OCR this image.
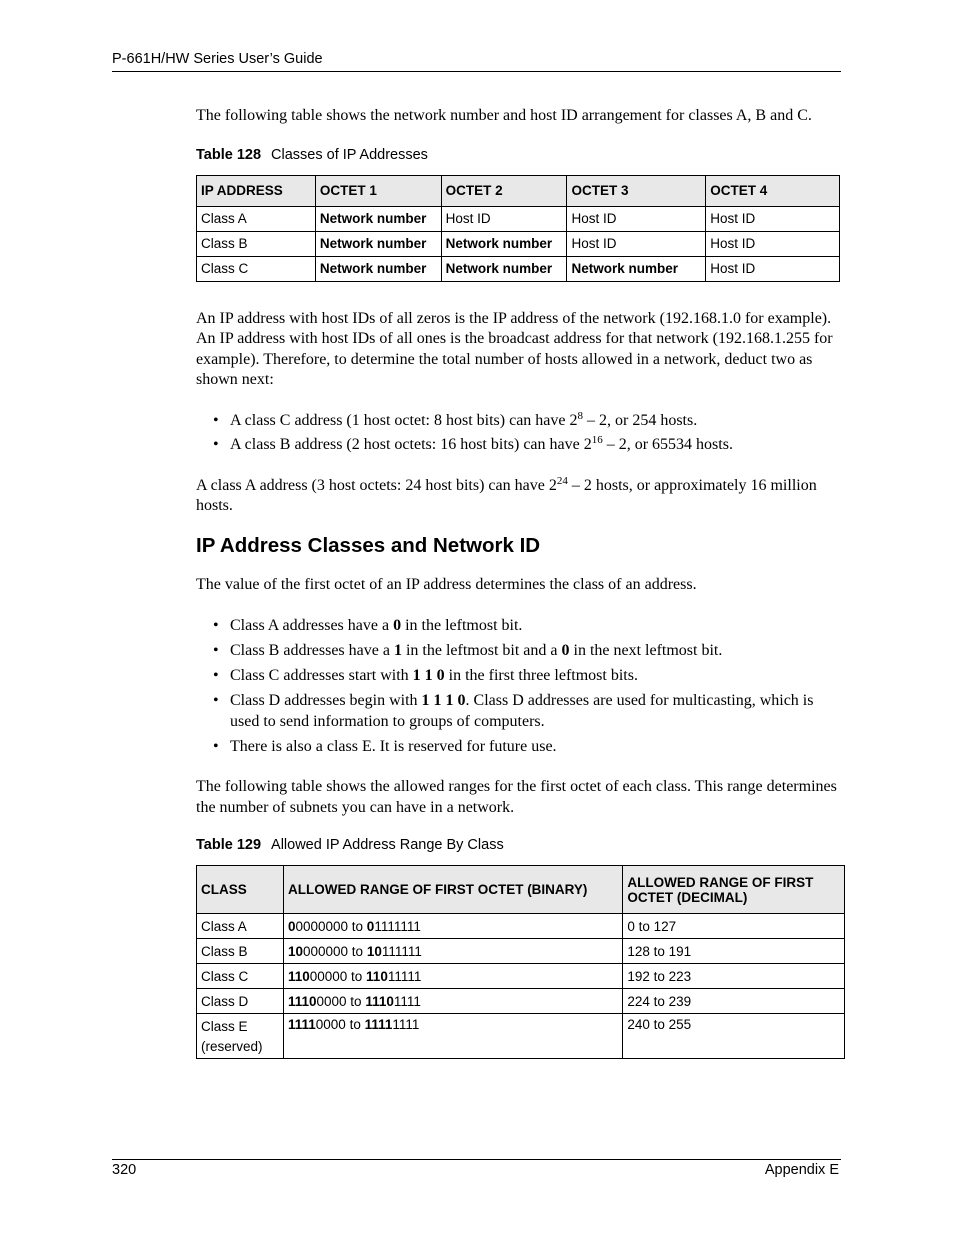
P-661H/HW Series User’s Guide

The following table shows the network number and host ID arrangement for classes A, B and C.

Table 128 Classes of IP Addresses

IP ADDRESS	OCTET 1	OCTET 2	OCTET 3	OCTET 4
Class A	Network number	Host ID	Host ID	Host ID
Class B	Network number	Network number	Host ID	Host ID
Class C	Network number	Network number	Network number	Host ID

An IP address with host IDs of all zeros is the IP address of the network (192.168.1.0 for example). An IP address with host IDs of all ones is the broadcast address for that network (192.168.1.255 for example). Therefore, to determine the total number of hosts allowed in a network, deduct two as shown next:

• A class C address (1 host octet: 8 host bits) can have $2^8 - 2$, or 254 hosts.
• A class B address (2 host octets: 16 host bits) can have $2^{16} - 2$, or 65534 hosts.

A class A address (3 host octets: 24 host bits) can have $2^{24} - 2$ hosts, or approximately 16 million hosts.

IP Address Classes and Network ID

The value of the first octet of an IP address determines the class of an address.

• Class A addresses have a 0 in the leftmost bit.
• Class B addresses have a 1 in the leftmost bit and a 0 in the next leftmost bit.
• Class C addresses start with 1 1 0 in the first three leftmost bits.
• Class D addresses begin with 1 1 1 0. Class D addresses are used for multicasting, which is used to send information to groups of computers.
• There is also a class E. It is reserved for future use.

The following table shows the allowed ranges for the first octet of each class. This range determines the number of subnets you can have in a network.

Table 129 Allowed IP Address Range By Class

CLASS	ALLOWED RANGE OF FIRST OCTET (BINARY)	ALLOWED RANGE OF FIRST OCTET (DECIMAL)
Class A	00000000 to 01111111	0 to 127
Class B	10000000 to 10111111	128 to 191
Class C	11000000 to 11011111	192 to 223
Class D	11100000 to 11101111	224 to 239
Class E (reserved)	11110000 to 11111111	240 to 255
320	Appendix E
